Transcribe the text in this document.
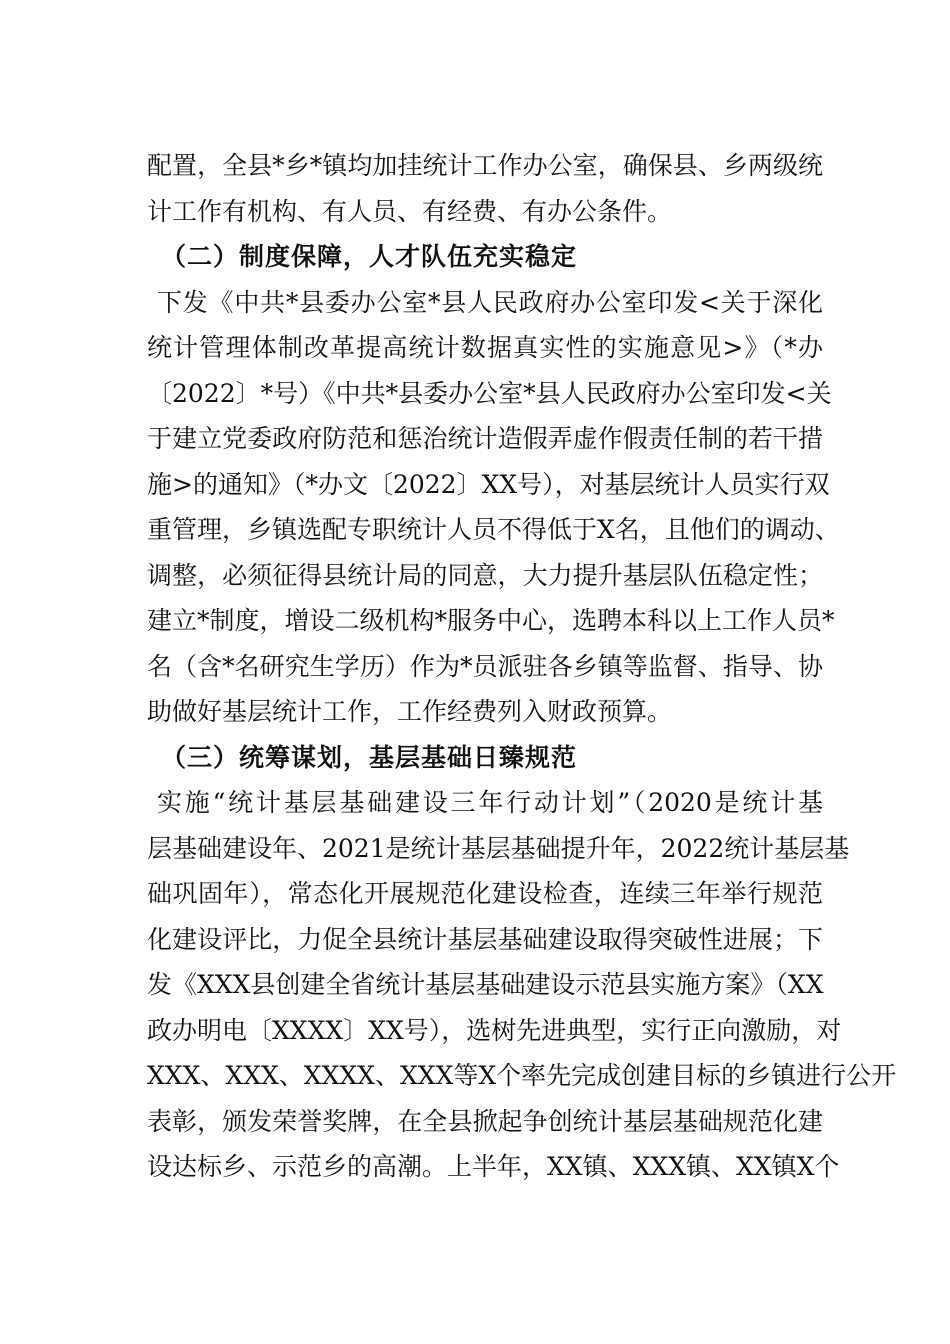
配置，全县*乡*镇均加挂统计工作办公室，确保县、乡两级统
计工作有机构、有人员、有经费、有办公条件。
（二）制度保障，人才队伍充实稳定
下发《中共*县委办公室*县人民政府办公室印发<关于深化
统计管理体制改革提高统计数据真实性的实施意见>》（*办
〔2022〕*号）《中共*县委办公室*县人民政府办公室印发<关
于建立党委政府防范和惩治统计造假弄虚作假责任制的若干措
施>的通知》（*办文〔2022〕XX号），对基层统计人员实行双
重管理，乡镇选配专职统计人员不得低于X名，且他们的调动、
调整，必须征得县统计局的同意，大力提升基层队伍稳定性；
建立*制度，增设二级机构*服务中心，选聘本科以上工作人员*
名（含*名研究生学历）作为*员派驻各乡镇等监督、指导、协
助做好基层统计工作，工作经费列入财政预算。
（三）统筹谋划，基层基础日臻规范
实施“统计基层基础建设三年行动计划”（2020是统计基
层基础建设年、2021是统计基层基础提升年，2022统计基层基
础巩固年），常态化开展规范化建设检查，连续三年举行规范
化建设评比，力促全县统计基层基础建设取得突破性进展；下
发《XXX县创建全省统计基层基础建设示范县实施方案》（XX
政办明电〔XXXX〕XX号），选树先进典型，实行正向激励，对
XXX、XXX、XXXX、XXX等X个率先完成创建目标的乡镇进行公开
表彰，颁发荣誉奖牌，在全县掀起争创统计基层基础规范化建
设达标乡、示范乡的高潮。上半年，XX镇、XXX镇、XX镇X个
